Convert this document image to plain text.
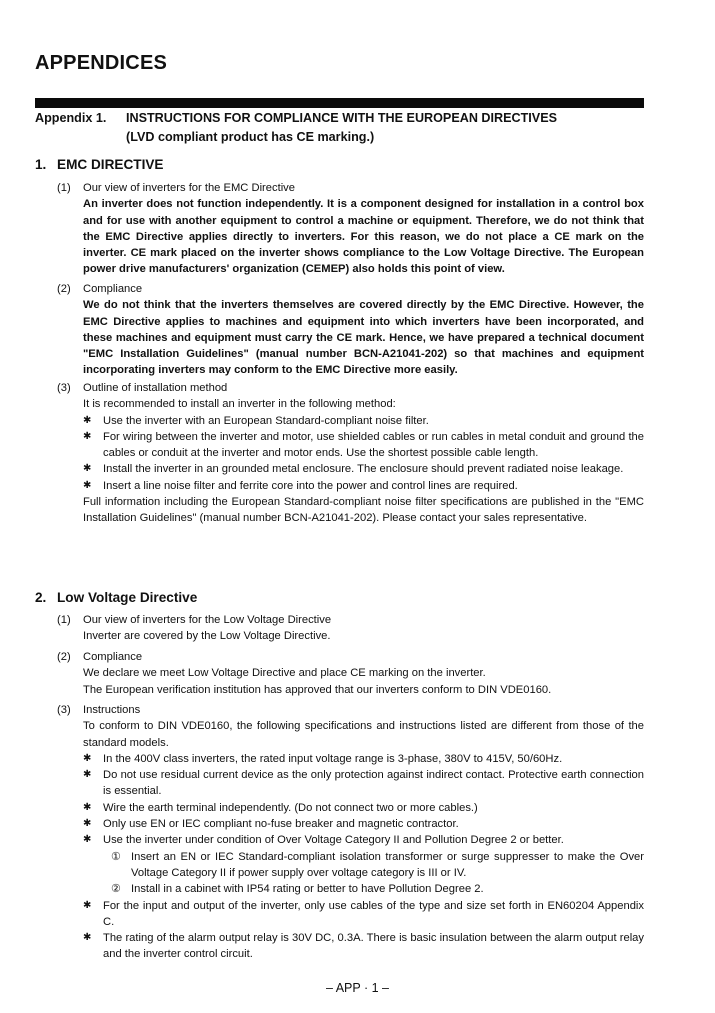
APPENDICES
Appendix 1. INSTRUCTIONS FOR COMPLIANCE WITH THE EUROPEAN DIRECTIVES
(LVD compliant product has CE marking.)
1. EMC DIRECTIVE
(1)	Our view of inverters for the EMC Directive
An inverter does not function independently. It is a component designed for installation in a control box and for use with another equipment to control a machine or equipment. Therefore, we do not think that the EMC Directive applies directly to inverters. For this reason, we do not place a CE mark on the inverter. CE mark placed on the inverter shows compliance to the Low Voltage Directive. The European power drive manufacturers' organization (CEMEP) also holds this point of view.
(2)	Compliance
We do not think that the inverters themselves are covered directly by the EMC Directive. However, the EMC Directive applies to machines and equipment into which inverters have been incorporated, and these machines and equipment must carry the CE mark. Hence, we have prepared a technical document "EMC Installation Guidelines" (manual number BCN-A21041-202) so that machines and equipment incorporating inverters may conform to the EMC Directive more easily.
(3)	Outline of installation method
It is recommended to install an inverter in the following method:
✱	Use the inverter with an European Standard-compliant noise filter.
✱	For wiring between the inverter and motor, use shielded cables or run cables in metal conduit and ground the cables or conduit at the inverter and motor ends. Use the shortest possible cable length.
✱	Install the inverter in an grounded metal enclosure. The enclosure should prevent radiated noise leakage.
✱	Insert a line noise filter and ferrite core into the power and control lines are required.
Full information including the European Standard-compliant noise filter specifications are published in the "EMC Installation Guidelines" (manual number BCN-A21041-202). Please contact your sales representative.
2. Low Voltage Directive
(1)	Our view of inverters for the Low Voltage Directive
Inverter are covered by the Low Voltage Directive.
(2)	Compliance
We declare we meet Low Voltage Directive and place CE marking on the inverter.
The European verification institution has approved that our inverters conform to DIN VDE0160.
(3)	Instructions
To conform to DIN VDE0160, the following specifications and instructions listed are different from those of the standard models.
✱	In the 400V class inverters, the rated input voltage range is 3-phase, 380V to 415V, 50/60Hz.
✱	Do not use residual current device as the only protection against indirect contact. Protective earth connection is essential.
✱	Wire the earth terminal independently. (Do not connect two or more cables.)
✱	Only use EN or IEC compliant no-fuse breaker and magnetic contractor.
✱	Use the inverter under condition of Over Voltage Category II and Pollution Degree 2 or better.
① Insert an EN or IEC Standard-compliant isolation transformer or surge suppresser to make the Over Voltage Category II if power supply over voltage category is III or IV.
② Install in a cabinet with IP54 rating or better to have Pollution Degree 2.
✱	For the input and output of the inverter, only use cables of the type and size set forth in EN60204 Appendix C.
✱	The rating of the alarm output relay is 30V DC, 0.3A. There is basic insulation between the alarm output relay and the inverter control circuit.
– APP · 1 –
